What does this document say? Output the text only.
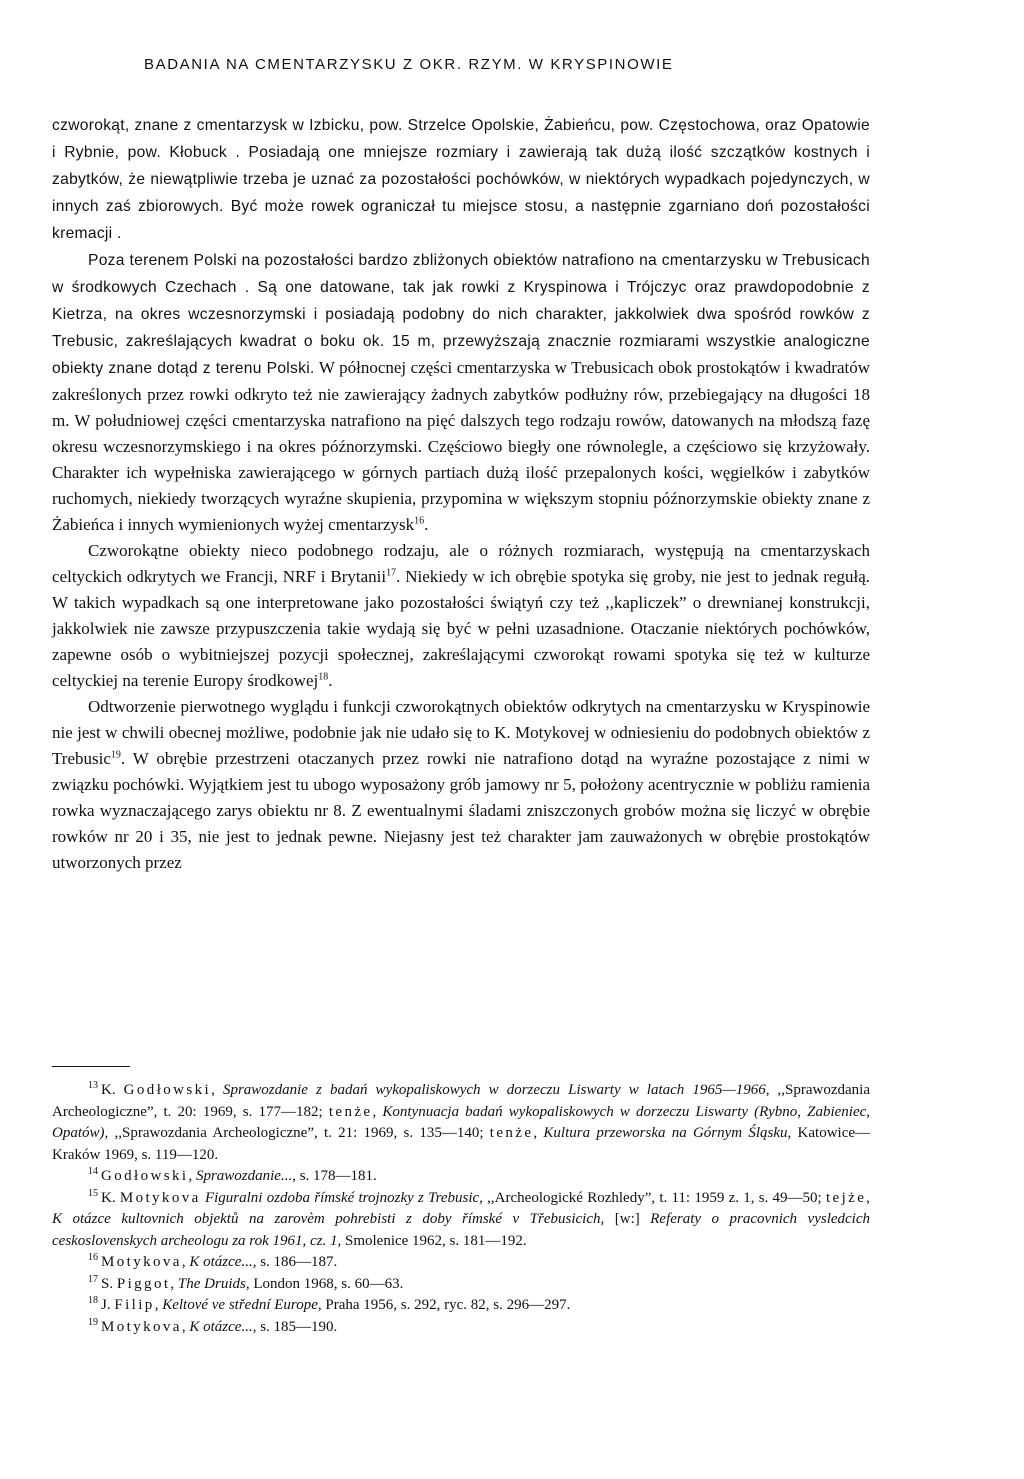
BADANIA NA CMENTARZYSKU Z OKR. RZYM. W KRYSPINOWIE

czworokąt, znane z cmentarzysk w Izbicku, pow. Strzelce Opolskie, Żabieńcu, pow. Częstochowa, oraz Opatowie i Rybnie, pow. Kłobuck . Posiadają one mniejsze rozmiary i zawierają tak dużą ilość szczątków kostnych i zabytków, że niewątpliwie trzeba je uznać za pozostałości pochówków, w niektórych wypadkach pojedynczych, w innych zaś zbiorowych. Być może rowek ograniczał tu miejsce stosu, a następnie zgarniano doń pozostałości kremacji .

Poza terenem Polski na pozostałości bardzo zbliżonych obiektów natrafiono na cmentarzysku w Trebusicach w środkowych Czechach . Są one datowane, tak jak rowki z Kryspinowa i Trójczyc oraz prawdopodobnie z Kietrza, na okres wczesnorzymski i posiadają podobny do nich charakter, jakkolwiek dwa spośród rowków z Trebusic, zakreślających kwadrat o boku ok. 15 m, przewyższają znacznie rozmiarami wszystkie analogiczne obiekty znane dotąd z terenu Polski. W północnej części cmentarzyska w Trebusicach obok prostokątów i kwadratów zakreślonych przez rowki odkryto też nie zawierający żadnych zabytków podłużny rów, przebiegający na długości 18 m. W południowej części cmentarzyska natrafiono na pięć dalszych tego rodzaju rowów, datowanych na młodszą fazę okresu wczesnorzymskiego i na okres późnorzymski. Częściowo biegły one równolegle, a częściowo się krzyżowały. Charakter ich wypełniska zawierającego w górnych partiach dużą ilość przepalonych kości, węgielków i zabytków ruchomych, niekiedy tworzących wyraźne skupienia, przypomina w większym stopniu późnorzymskie obiekty znane z Żabieńca i innych wymienionych wyżej cmentarzysk$^{16}$.

Czworokątne obiekty nieco podobnego rodzaju, ale o różnych rozmiarach, występują na cmentarzyskach celtyckich odkrytych we Francji, NRF i Brytanii$^{17}$. Niekiedy w ich obrębie spotyka się groby, nie jest to jednak regułą. W takich wypadkach są one interpretowane jako pozostałości świątyń czy też ,,kapliczek” o drewnianej konstrukcji, jakkolwiek nie zawsze przypuszczenia takie wydają się być w pełni uzasadnione. Otaczanie niektórych pochówków, zapewne osób o wybitniejszej pozycji społecznej, zakreślającymi czworokąt rowami spotyka się też w kulturze celtyckiej na terenie Europy środkowej$^{18}$.

Odtworzenie pierwotnego wyglądu i funkcji czworokątnych obiektów odkrytych na cmentarzysku w Kryspinowie nie jest w chwili obecnej możliwe, podobnie jak nie udało się to K. Motykovej w odniesieniu do podobnych obiektów z Trebusic$^{19}$. W obrębie przestrzeni otaczanych przez rowki nie natrafiono dotąd na wyraźne pozostające z nimi w związku pochówki. Wyjątkiem jest tu ubogo wyposażony grób jamowy nr 5, położony acentrycznie w pobliżu ramienia rowka wyznaczającego zarys obiektu nr 8. Z ewentualnymi śladami zniszczonych grobów można się liczyć w obrębie rowków nr 20 i 35, nie jest to jednak pewne. Niejasny jest też charakter jam zauważonych w obrębie prostokątów utworzonych przez

$^{13}$ K. Godłowski, Sprawozdanie z badań wykopaliskowych w dorzeczu Liswarty w latach 1965—1966, ,,Sprawozdania Archeologiczne”, t. 20: 1969, s. 177—182; tenże, Kontynuacja badań wykopaliskowych w dorzeczu Liswarty (Rybno, Zabieniec, Opatów), ,,Sprawozdania Archeologiczne”, t. 21: 1969, s. 135—140; tenże, Kultura przeworska na Górnym Śląsku, Katowice—Kraków 1969, s. 119—120.

$^{14}$ Godłowski, Sprawozdanie..., s. 178—181.

$^{15}$ K. Motykova Figuralni ozdoba římské trojnozky z Trebusic, ,,Archeologické Rozhledy”, t. 11: 1959 z. 1, s. 49—50; tejże, K otázce kultovnich objektů na zarovèm pohrebisti z doby římské v Třebusicich, [w:] Referaty o pracovnich vysledcich ceskoslovenskych archeologu za rok 1961, cz. 1, Smolenice 1962, s. 181—192.

$^{16}$ Motykova, K otázce..., s. 186—187.

$^{17}$ S. Piggot, The Druids, London 1968, s. 60—63.

$^{18}$ J. Filip, Keltové ve střední Europe, Praha 1956, s. 292, ryc. 82, s. 296—297.

$^{19}$ Motykova, K otázce..., s. 185—190.
